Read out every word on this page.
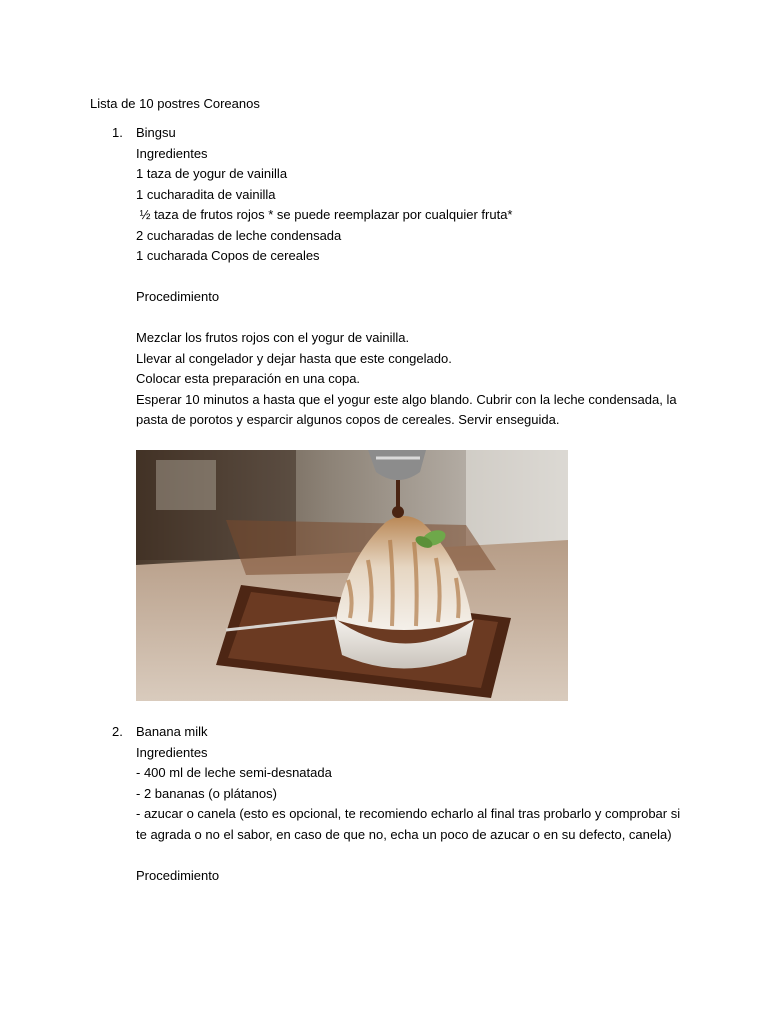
Lista de 10 postres Coreanos
1.	Bingsu
Ingredientes
1 taza de yogur de vainilla
1 cucharadita de vainilla
½ taza de frutos rojos * se puede reemplazar por cualquier fruta*
2 cucharadas de leche condensada
1 cucharada Copos de cereales
Procedimiento
Mezclar los frutos rojos con el yogur de vainilla.
Llevar al congelador y dejar hasta que este congelado.
Colocar esta preparación en una copa.
Esperar 10 minutos a hasta que el yogur este algo blando. Cubrir con la leche condensada, la pasta de porotos y esparcir algunos copos de cereales. Servir enseguida.
2.	Banana milk
Ingredientes
- 400 ml de leche semi-desnatada
- 2 bananas (o plátanos)
- azucar o canela (esto es opcional, te recomiendo echarlo al final tras probarlo y comprobar si te agrada o no el sabor, en caso de que no, echa un poco de azucar o en su defecto, canela)
Procedimiento
